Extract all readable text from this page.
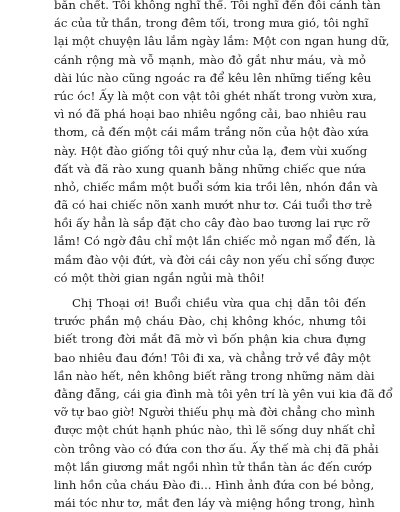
bắn chết. Tôi không nghĩ thế. Tôi nghĩ đến đôi cánh tàn
ác của tử thần, trong đêm tối, trong mưa gió, tôi nghĩ
lại một chuyện lâu lắm ngày lắm: Một con ngan hung dữ,
cánh rộng mà vỗ mạnh, mào đỏ gắt như máu, và mỏ
dài lúc nào cũng ngoác ra để kêu lên những tiếng kêu
rúc óc! Ấy là một con vật tôi ghét nhất trong vườn xưa,
vì nó đã phá hoại bao nhiêu ngồng cải, bao nhiêu rau
thơm, cả đến một cái mầm trắng nõn của hột đào xứa
này. Hột đào giống tôi quý như của lạ, đem vùi xuống
đất và đã rào xung quanh bằng những chiếc que nứa
nhỏ, chiếc mầm một buổi sớm kia trồi lên, nhón đần và
đã có hai chiếc nõn xanh mướt như tơ. Cái tuổi thơ trẻ
hồi ấy hẳn là sắp đặt cho cây đào bao tương lai rực rỡ
lắm! Có ngờ đâu chỉ một lần chiếc mỏ ngan mổ đến, là
mầm đào vội đứt, và đời cái cây non yếu chỉ sống được
có một thời gian ngắn ngủi mà thôi!
Chị Thoại ơi! Buổi chiều vừa qua chị dẫn tôi đến
trước phần mộ cháu Đào, chị không khóc, nhưng tôi
biết trong đời mắt đã mờ vì bốn phận kia chưa đựng
bao nhiêu đau đớn! Tôi đi xa, và chẳng trở về đây một
lần nào hết, nên không biết rằng trong những năm dài
đằng đẵng, cái gia đình mà tôi yên trí là yên vui kia đã đổ
vỡ tự bao giờ! Người thiếu phụ mà đời chẳng cho mình
được một chút hạnh phúc nào, thì lẽ sống duy nhất chỉ
còn trông vào có đứa con thơ ấu. Ấy thế mà chị đã phải
một lần giương mắt ngồi nhìn tử thần tàn ác đến cướp
linh hồn của cháu Đào đi... Hình ảnh đứa con bé bỏng,
mái tóc như tơ, mắt đen láy và miệng hồng trong, hình
